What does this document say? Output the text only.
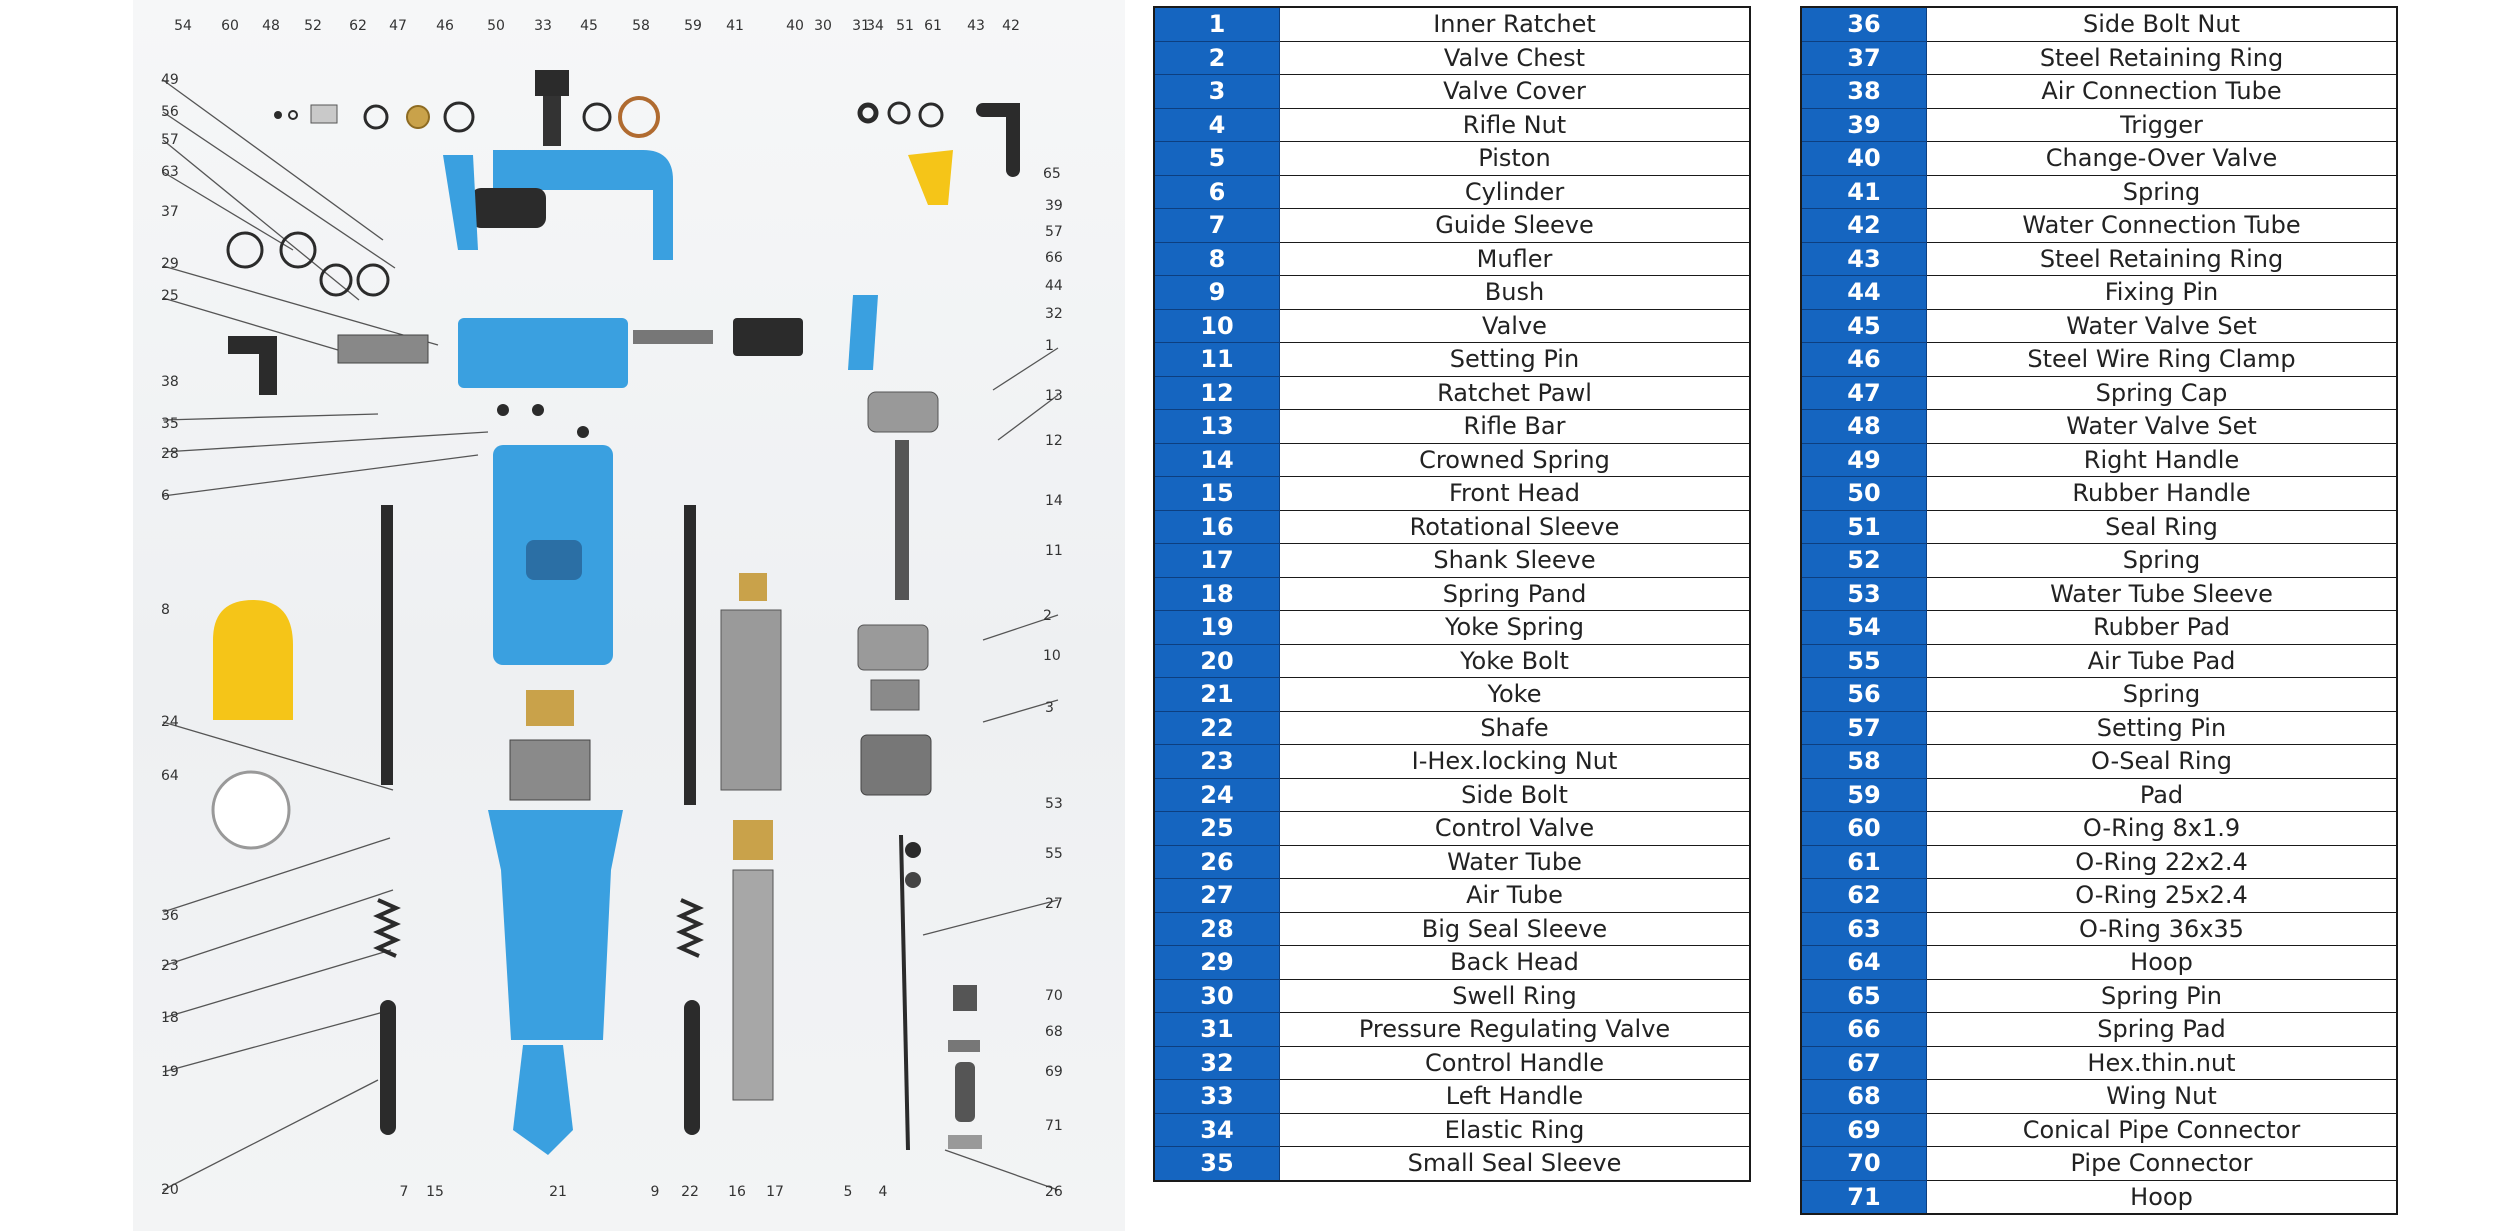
54 60 48 52 62 47 46 50 33 45 58 59 41	40 30 31
34 51 61 43 42
49
56
57
63
37
29
25
38
35
28
6
8
24
64
36
23
18
19
20
65
39
57
66
44
32
1
13
12
14
11
2
10
3
53
55
27
70
68
69
71
26
7 15	21	9 22 16 17	5 4
1	Inner Ratchet
2	Valve Chest
3	Valve Cover
4	Rifle Nut
5	Piston
6	Cylinder
7	Guide Sleeve
8	Mufler
9	Bush
10	Valve
11	Setting Pin
12	Ratchet Pawl
13	Rifle Bar
14	Crowned Spring
15	Front Head
16	Rotational Sleeve
17	Shank Sleeve
18	Spring Pand
19	Yoke Spring
20	Yoke Bolt
21	Yoke
22	Shafe
23	I-Hex.locking Nut
24	Side Bolt
25	Control Valve
26	Water Tube
27	Air Tube
28	Big Seal Sleeve
29	Back Head
30	Swell Ring
31	Pressure Regulating Valve
32	Control Handle
33	Left Handle
34	Elastic Ring
35	Small Seal Sleeve
36	Side Bolt Nut
37	Steel Retaining Ring
38	Air Connection Tube
39	Trigger
40	Change-Over Valve
41	Spring
42	Water Connection Tube
43	Steel Retaining Ring
44	Fixing Pin
45	Water Valve Set
46	Steel Wire Ring Clamp
47	Spring Cap
48	Water Valve Set
49	Right Handle
50	Rubber Handle
51	Seal Ring
52	Spring
53	Water Tube Sleeve
54	Rubber Pad
55	Air Tube Pad
56	Spring
57	Setting Pin
58	O-Seal Ring
59	Pad
60	O-Ring 8x1.9
61	O-Ring 22x2.4
62	O-Ring 25x2.4
63	O-Ring 36x35
64	Hoop
65	Spring Pin
66	Spring Pad
67	Hex.thin.nut
68	Wing Nut
69	Conical Pipe Connector
70	Pipe Connector
71	Hoop
